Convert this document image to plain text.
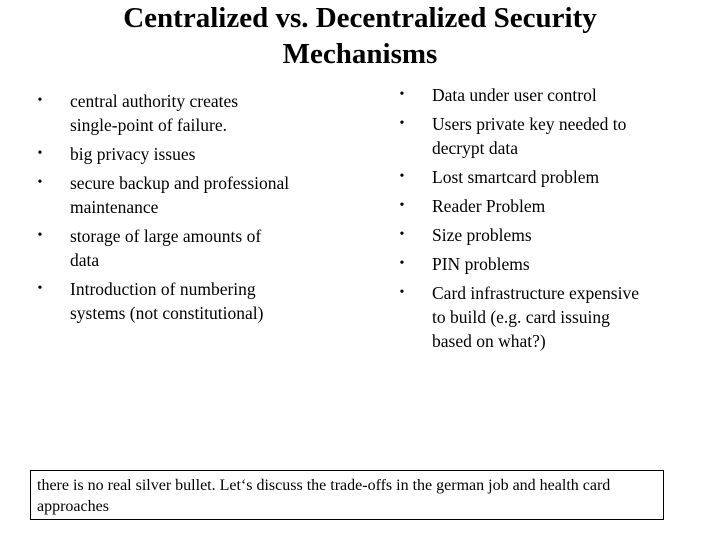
Centralized vs. Decentralized Security
Mechanisms
•	central authority creates single-point of failure.
•	big privacy issues
•	secure backup and professional maintenance
•	storage of large amounts of data
•	Introduction of numbering systems (not constitutional)
•	Data under user control
•	Users private key needed to decrypt data
•	Lost smartcard problem
•	Reader Problem
•	Size problems
•	PIN problems
•	Card infrastructure expensive to build (e.g. card issuing based on what?)
there is no real silver bullet. Let‘s discuss the trade-offs in the german job and health card approaches
